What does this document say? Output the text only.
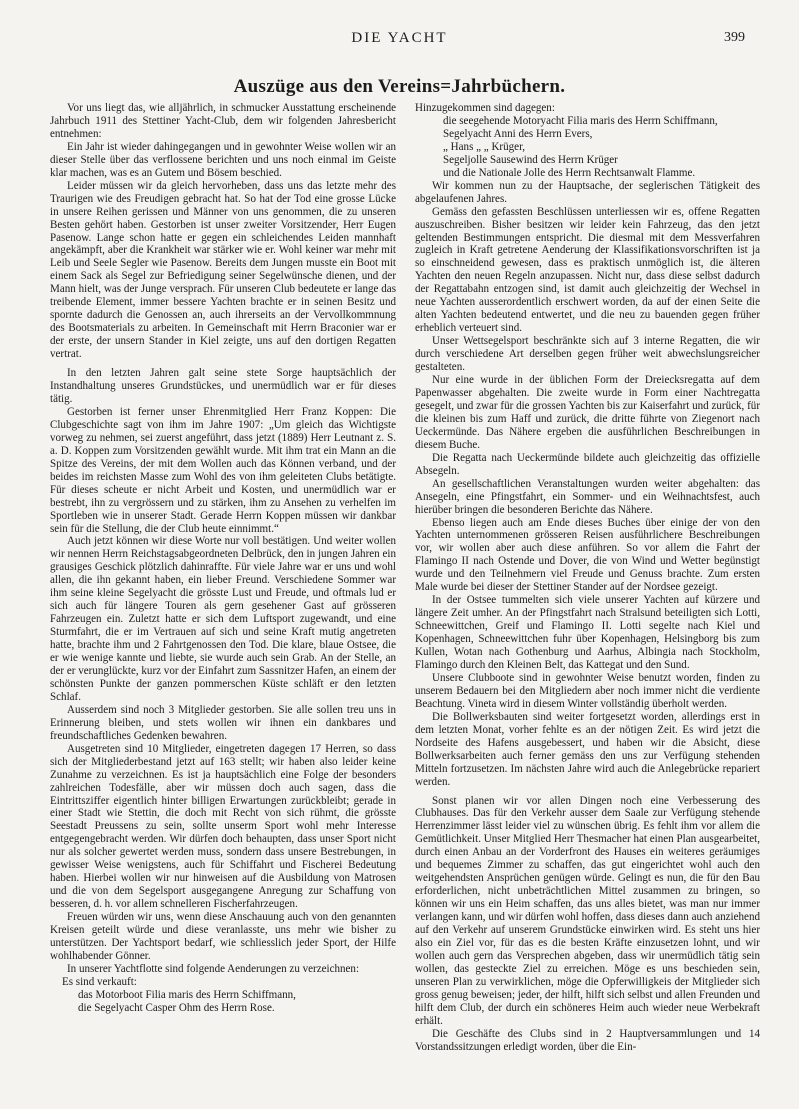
DIE YACHT	399
Auszüge aus den Vereins=Jahrbüchern.

Vor uns liegt das, wie alljährlich, in schmucker Ausstattung erscheinende Jahrbuch 1911 des Stettiner Yacht-Club, dem wir folgenden Jahresbericht entnehmen:

Ein Jahr ist wieder dahingegangen und in gewohnter Weise wollen wir an dieser Stelle über das verflossene berichten und uns noch einmal im Geiste klar machen, was es an Gutem und Bösem beschied.

Leider müssen wir da gleich hervorheben, dass uns das letzte mehr des Traurigen wie des Freudigen gebracht hat. So hat der Tod eine grosse Lücke in unsere Reihen gerissen und Männer von uns genommen, die zu unseren Besten gehört haben. Gestorben ist unser zweiter Vorsitzender, Herr Eugen Pasenow. Lange schon hatte er gegen ein schleichendes Leiden mannhaft angekämpft, aber die Krankheit war stärker wie er. Wohl keiner war mehr mit Leib und Seele Segler wie Pasenow. Bereits dem Jungen musste ein Boot mit einem Sack als Segel zur Befriedigung seiner Segelwünsche dienen, und der Mann hielt, was der Junge versprach. Für unseren Club bedeutete er lange das treibende Element, immer bessere Yachten brachte er in seinen Besitz und spornte dadurch die Genossen an, auch ihrerseits an der Vervollkommnung des Bootsmaterials zu arbeiten. In Gemeinschaft mit Herrn Braconier war er der erste, der unsern Stander in Kiel zeigte, uns auf den dortigen Regatten vertrat.

In den letzten Jahren galt seine stete Sorge hauptsächlich der Instandhaltung unseres Grundstückes, und unermüdlich war er für dieses tätig.

Gestorben ist ferner unser Ehrenmitglied Herr Franz Koppen: Die Clubgeschichte sagt von ihm im Jahre 1907: „Um gleich das Wichtigste vorweg zu nehmen, sei zuerst angeführt, dass jetzt (1889) Herr Leutnant z. S. a. D. Koppen zum Vorsitzenden gewählt wurde. Mit ihm trat ein Mann an die Spitze des Vereins, der mit dem Wollen auch das Können verband, und der beides im reichsten Masse zum Wohl des von ihm geleiteten Clubs betätigte. Für dieses scheute er nicht Arbeit und Kosten, und unermüdlich war er bestrebt, ihn zu vergrössern und zu stärken, ihm zu Ansehen zu verhelfen im Sportleben wie in unserer Stadt. Gerade Herrn Koppen müssen wir dankbar sein für die Stellung, die der Club heute einnimmt.“

Auch jetzt können wir diese Worte nur voll bestätigen. Und weiter wollen wir nennen Herrn Reichstagsabgeordneten Delbrück, den in jungen Jahren ein grausiges Geschick plötzlich dahinraffte. Für viele Jahre war er uns und wohl allen, die ihn gekannt haben, ein lieber Freund. Verschiedene Sommer war ihm seine kleine Segelyacht die grösste Lust und Freude, und oftmals lud er sich auch für längere Touren als gern gesehener Gast auf grösseren Fahrzeugen ein. Zuletzt hatte er sich dem Luftsport zugewandt, und eine Sturmfahrt, die er im Vertrauen auf sich und seine Kraft mutig angetreten hatte, brachte ihm und 2 Fahrtgenossen den Tod. Die klare, blaue Ostsee, die er wie wenige kannte und liebte, sie wurde auch sein Grab. An der Stelle, an der er verunglückte, kurz vor der Einfahrt zum Sassnitzer Hafen, an einem der schönsten Punkte der ganzen pommerschen Küste schläft er den letzten Schlaf.

Ausserdem sind noch 3 Mitglieder gestorben. Sie alle sollen treu uns in Erinnerung bleiben, und stets wollen wir ihnen ein dankbares und freundschaftliches Gedenken bewahren.

Ausgetreten sind 10 Mitglieder, eingetreten dagegen 17 Herren, so dass sich der Mitgliederbestand jetzt auf 163 stellt; wir haben also leider keine Zunahme zu verzeichnen. Es ist ja hauptsächlich eine Folge der besonders zahlreichen Todesfälle, aber wir müssen doch auch sagen, dass die Eintrittsziffer eigentlich hinter billigen Erwartungen zurückbleibt; gerade in einer Stadt wie Stettin, die doch mit Recht von sich rühmt, die grösste Seestadt Preussens zu sein, sollte unserm Sport wohl mehr Interesse entgegengebracht werden. Wir dürfen doch behaupten, dass unser Sport nicht nur als solcher gewertet werden muss, sondern dass unsere Bestrebungen, in gewisser Weise wenigstens, auch für Schiffahrt und Fischerei Bedeutung haben. Hierbei wollen wir nur hinweisen auf die Ausbildung von Matrosen und die von dem Segelsport ausgegangene Anregung zur Schaffung von besseren, d. h. vor allem schnelleren Fischerfahrzeugen.

Freuen würden wir uns, wenn diese Anschauung auch von den genannten Kreisen geteilt würde und diese veranlasste, uns mehr wie bisher zu unterstützen. Der Yachtsport bedarf, wie schliesslich jeder Sport, der Hilfe wohlhabender Gönner.

In unserer Yachtflotte sind folgende Aenderungen zu verzeichnen:

Es sind verkauft:

das Motorboot Filia maris des Herrn Schiffmann,

die Segelyacht Casper Ohm des Herrn Rose.

Hinzugekommen sind dagegen:

die seegehende Motoryacht Filia maris des Herrn Schiffmann,

Segelyacht Anni des Herrn Evers,

„ Hans „ „ Krüger,

Segeljolle Sausewind des Herrn Krüger

und die Nationale Jolle des Herrn Rechtsanwalt Flamme.

Wir kommen nun zu der Hauptsache, der seglerischen Tätigkeit des abgelaufenen Jahres.

Gemäss den gefassten Beschlüssen unterliessen wir es, offene Regatten auszuschreiben. Bisher besitzen wir leider kein Fahrzeug, das den jetzt geltenden Bestimmungen entspricht. Die diesmal mit dem Messverfahren zugleich in Kraft getretene Aenderung der Klassifikationsvorschriften ist ja so einschneidend gewesen, dass es praktisch unmöglich ist, die älteren Yachten den neuen Regeln anzupassen. Nicht nur, dass diese selbst dadurch der Regattabahn entzogen sind, ist damit auch gleichzeitig der Wechsel in neue Yachten ausserordentlich erschwert worden, da auf der einen Seite die alten Yachten bedeutend entwertet, und die neu zu bauenden gegen früher erheblich verteuert sind.

Unser Wettsegelsport beschränkte sich auf 3 interne Regatten, die wir durch verschiedene Art derselben gegen früher weit abwechslungsreicher gestalteten.

Nur eine wurde in der üblichen Form der Dreiecksregatta auf dem Papenwasser abgehalten. Die zweite wurde in Form einer Nachtregatta gesegelt, und zwar für die grossen Yachten bis zur Kaiserfahrt und zurück, für die kleinen bis zum Haff und zurück, die dritte führte von Ziegenort nach Ueckermünde. Das Nähere ergeben die ausführlichen Beschreibungen in diesem Buche.

Die Regatta nach Ueckermünde bildete auch gleichzeitig das offizielle Absegeln.

An gesellschaftlichen Veranstaltungen wurden weiter abgehalten: das Ansegeln, eine Pfingstfahrt, ein Sommer- und ein Weihnachtsfest, auch hierüber bringen die besonderen Berichte das Nähere.

Ebenso liegen auch am Ende dieses Buches über einige der von den Yachten unternommenen grösseren Reisen ausführlichere Beschreibungen vor, wir wollen aber auch diese anführen. So vor allem die Fahrt der Flamingo II nach Ostende und Dover, die von Wind und Wetter begünstigt wurde und den Teilnehmern viel Freude und Genuss brachte. Zum ersten Male wurde bei dieser der Stettiner Stander auf der Nordsee gezeigt.

In der Ostsee tummelten sich viele unserer Yachten auf kürzere und längere Zeit umher. An der Pfingstfahrt nach Stralsund beteiligten sich Lotti, Schneewittchen, Greif und Flamingo II. Lotti segelte nach Kiel und Kopenhagen, Schneewittchen fuhr über Kopenhagen, Helsingborg bis zum Kullen, Wotan nach Gothenburg und Aarhus, Albingia nach Stockholm, Flamingo durch den Kleinen Belt, das Kattegat und den Sund.

Unsere Clubboote sind in gewohnter Weise benutzt worden, finden zu unserem Bedauern bei den Mitgliedern aber noch immer nicht die verdiente Beachtung. Vineta wird in diesem Winter vollständig überholt werden.

Die Bollwerksbauten sind weiter fortgesetzt worden, allerdings erst in dem letzten Monat, vorher fehlte es an der nötigen Zeit. Es wird jetzt die Nordseite des Hafens ausgebessert, und haben wir die Absicht, diese Bollwerksarbeiten auch ferner gemäss den uns zur Verfügung stehenden Mitteln fortzusetzen. Im nächsten Jahre wird auch die Anlegebrücke repariert werden.

Sonst planen wir vor allen Dingen noch eine Verbesserung des Clubhauses. Das für den Verkehr ausser dem Saale zur Verfügung stehende Herrenzimmer lässt leider viel zu wünschen übrig. Es fehlt ihm vor allem die Gemütlichkeit. Unser Mitglied Herr Thesmacher hat einen Plan ausgearbeitet, durch einen Anbau an der Vorderfront des Hauses ein weiteres geräumiges und bequemes Zimmer zu schaffen, das gut eingerichtet wohl auch den weitgehendsten Ansprüchen genügen würde. Gelingt es nun, die für den Bau erforderlichen, nicht unbeträchtlichen Mittel zusammen zu bringen, so können wir uns ein Heim schaffen, das uns alles bietet, was man nur immer verlangen kann, und wir dürfen wohl hoffen, dass dieses dann auch anziehend auf den Verkehr auf unserem Grundstücke einwirken wird. Es steht uns hier also ein Ziel vor, für das es die besten Kräfte einzusetzen lohnt, und wir wollen auch gern das Versprechen abgeben, dass wir unermüdlich tätig sein wollen, das gesteckte Ziel zu erreichen. Möge es uns beschieden sein, unseren Plan zu verwirklichen, möge die Opferwilligkeis der Mitglieder sich gross genug beweisen; jeder, der hilft, hilft sich selbst und allen Freunden und hilft dem Club, der durch ein schöneres Heim auch wieder neue Werbekraft erhält.

Die Geschäfte des Clubs sind in 2 Hauptversammlungen und 14 Vorstandssitzungen erledigt worden, über die Ein-
